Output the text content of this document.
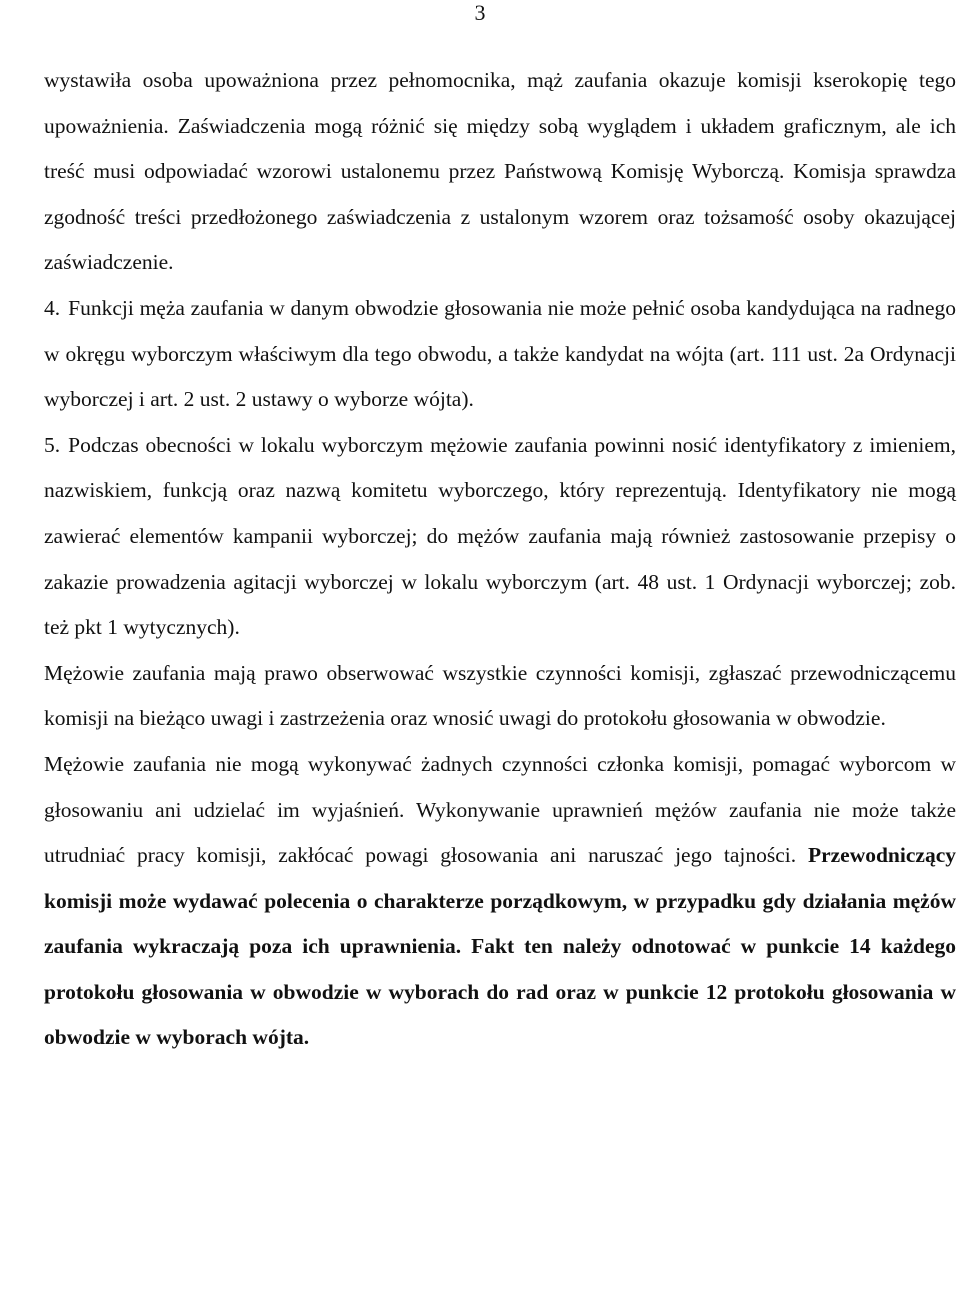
3

wystawiła osoba upoważniona przez pełnomocnika, mąż zaufania okazuje komisji kserokopię tego upoważnienia. Zaświadczenia mogą różnić się między sobą wyglądem i układem graficznym, ale ich treść musi odpowiadać wzorowi ustalonemu przez Państwową Komisję Wyborczą. Komisja sprawdza zgodność treści przedłożonego zaświadczenia z ustalonym wzorem oraz tożsamość osoby okazującej zaświadczenie.

4. Funkcji męża zaufania w danym obwodzie głosowania nie może pełnić osoba kandydująca na radnego w okręgu wyborczym właściwym dla tego obwodu, a także kandydat na wójta (art. 111 ust. 2a Ordynacji wyborczej i art. 2 ust. 2 ustawy o wyborze wójta).

5. Podczas obecności w lokalu wyborczym mężowie zaufania powinni nosić identyfikatory z imieniem, nazwiskiem, funkcją oraz nazwą komitetu wyborczego, który reprezentują. Identyfikatory nie mogą zawierać elementów kampanii wyborczej; do mężów zaufania mają również zastosowanie przepisy o zakazie prowadzenia agitacji wyborczej w lokalu wyborczym (art. 48 ust. 1 Ordynacji wyborczej; zob. też pkt 1 wytycznych).

Mężowie zaufania mają prawo obserwować wszystkie czynności komisji, zgłaszać przewodniczącemu komisji na bieżąco uwagi i zastrzeżenia oraz wnosić uwagi do protokołu głosowania w obwodzie.

Mężowie zaufania nie mogą wykonywać żadnych czynności członka komisji, pomagać wyborcom w głosowaniu ani udzielać im wyjaśnień. Wykonywanie uprawnień mężów zaufania nie może także utrudniać pracy komisji, zakłócać powagi głosowania ani naruszać jego tajności. Przewodniczący komisji może wydawać polecenia o charakterze porządkowym, w przypadku gdy działania mężów zaufania wykraczają poza ich uprawnienia. Fakt ten należy odnotować w punkcie 14 każdego protokołu głosowania w obwodzie w wyborach do rad oraz w punkcie 12 protokołu głosowania w obwodzie w wyborach wójta.
